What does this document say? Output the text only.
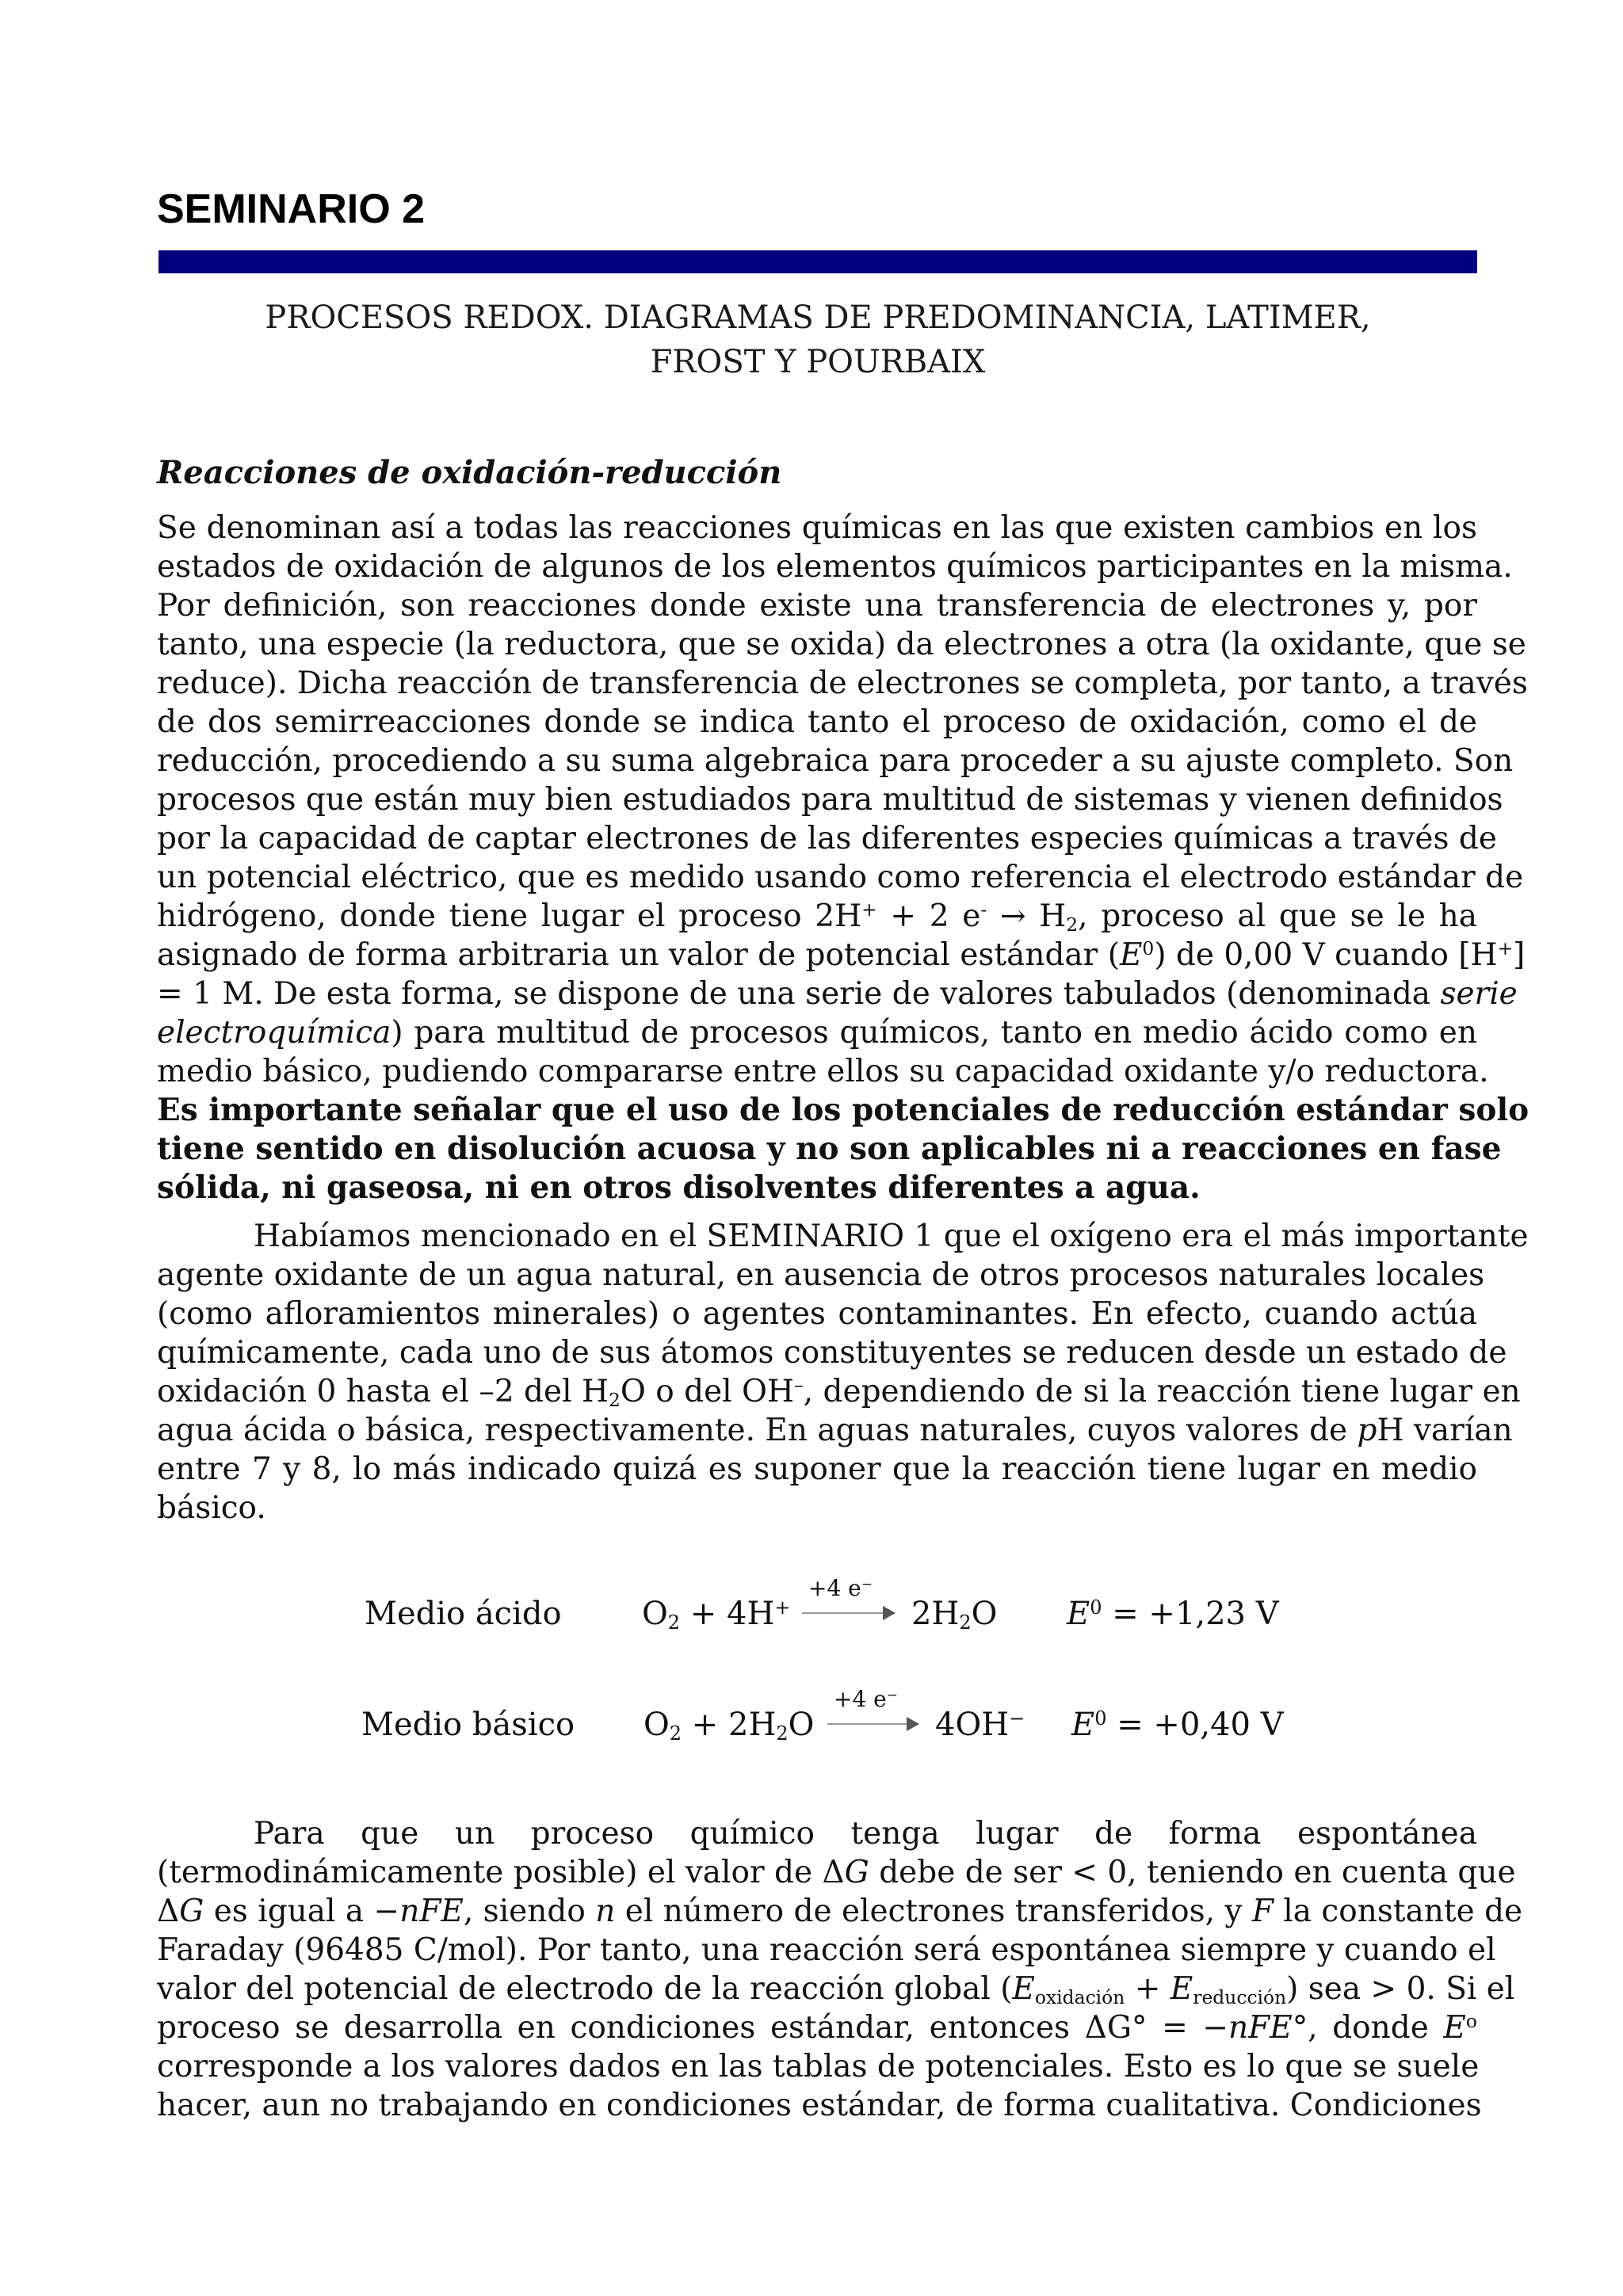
SEMINARIO 2
PROCESOS REDOX. DIAGRAMAS DE PREDOMINANCIA, LATIMER,
FROST Y POURBAIX
Reacciones de oxidación-reducción
Se denominan así a todas las reacciones químicas en las que existen cambios en los
estados de oxidación de algunos de los elementos químicos participantes en la misma.
Por definición, son reacciones donde existe una transferencia de electrones y, por
tanto, una especie (la reductora, que se oxida) da electrones a otra (la oxidante, que se
reduce). Dicha reacción de transferencia de electrones se completa, por tanto, a través
de dos semirreacciones donde se indica tanto el proceso de oxidación, como el de
reducción, procediendo a su suma algebraica para proceder a su ajuste completo. Son
procesos que están muy bien estudiados para multitud de sistemas y vienen definidos
por la capacidad de captar electrones de las diferentes especies químicas a través de
un potencial eléctrico, que es medido usando como referencia el electrodo estándar de
hidrógeno, donde tiene lugar el proceso 2H+ + 2 $e^- \to H_2$, proceso al que se le ha
asignado de forma arbitraria un valor de potencial estándar $(E^0)$ de 0,00 V cuando [H+]
= 1 M. De esta forma, se dispone de una serie de valores tabulados (denominada serie
electroquímica) para multitud de procesos químicos, tanto en medio ácido como en
medio básico, pudiendo compararse entre ellos su capacidad oxidante y/o reductora.
Es importante señalar que el uso de los potenciales de reducción estándar solo
tiene sentido en disolución acuosa y no son aplicables ni a reacciones en fase
sólida, ni gaseosa, ni en otros disolventes diferentes a agua.
Habíamos mencionado en el SEMINARIO 1 que el oxígeno era el más importante
agente oxidante de un agua natural, en ausencia de otros procesos naturales locales
(como afloramientos minerales) o agentes contaminantes. En efecto, cuando actúa
químicamente, cada uno de sus átomos constituyentes se reducen desde un estado de
oxidación 0 hasta el –2 del $H_2O$ o del OH–, dependiendo de si la reacción tiene lugar en
agua ácida o básica, respectivamente. En aguas naturales, cuyos valores de pH varían
entre 7 y 8, lo más indicado quizá es suponer que la reacción tiene lugar en medio
básico.
Medio ácido	$O_2 + 4H^+$
+4 e−
$2H_2O$ $E^0 = +1,23$ V
Medio básico $O_2 + 2H_2O$
+4 e−
4OH− $E^0 = +0,40$ V
Para que un proceso químico tenga lugar de forma espontánea
(termodinámicamente posible) el valor de ΔG debe de ser < 0, teniendo en cuenta que
ΔG es igual a −nFE, siendo n el número de electrones transferidos, y F la constante de
Faraday (96485 C/mol). Por tanto, una reacción será espontánea siempre y cuando el
valor del potencial de electrodo de la reacción global $(E_{oxidación} + E_{reducción})$ sea > 0. Si el
proceso se desarrolla en condiciones estándar, entonces ΔG° = −nFE°, donde $E^o$
corresponde a los valores dados en las tablas de potenciales. Esto es lo que se suele
hacer, aun no trabajando en condiciones estándar, de forma cualitativa. Condiciones
